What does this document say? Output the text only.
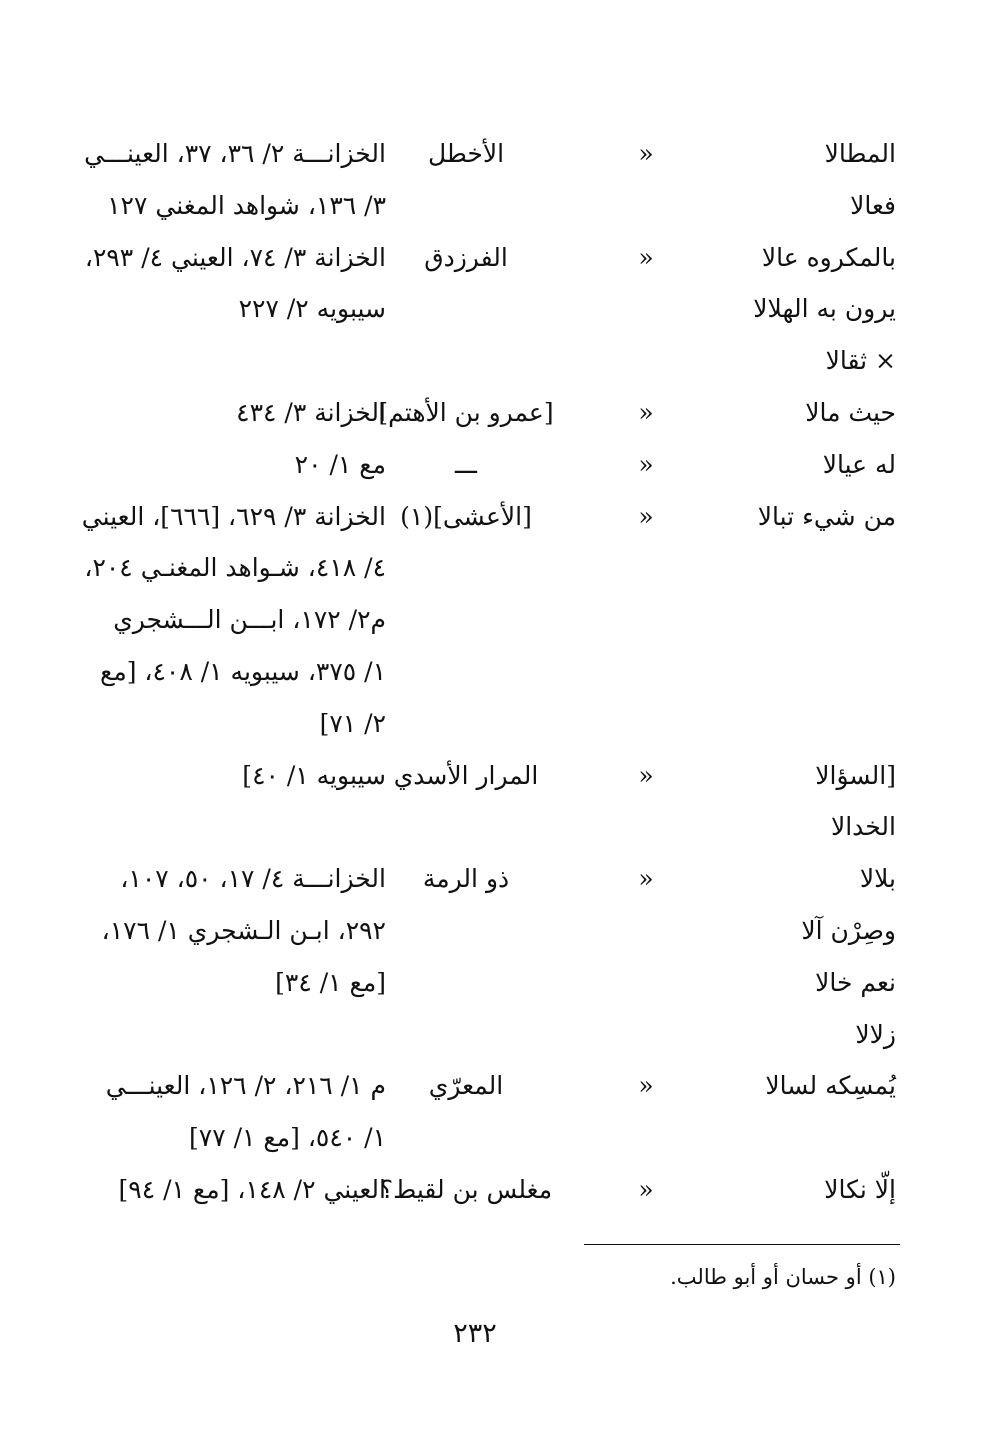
المطالا
«
الأخطل
الخزانـــة ٢/ ٣٦، ٣٧، العينـــي
فعالا
٣/ ١٣٦، شواهد المغني ١٢٧
بالمكروه عالا
«
الفرزدق
الخزانة ٣/ ٧٤، العيني ٤/ ٢٩٣،
يرون به الهلالا
سيبويه ٢/ ٢٢٧
× ثقالا
حيث مالا
«
[عمرو بن الأهتم]
الخزانة ٣/ ٤٣٤
له عيالا
«
ـــ
مع ١/ ٢٠
من شيء تبالا
«
[الأعشى](١)
الخزانة ٣/ ٦٢٩، [٦٦٦]، العيني
٤/ ٤١٨، شـواهد المغنـي ٢٠٤،
م٢/ ١٧٢، ابـــن الـــشجري
١/ ٣٧٥، سيبويه ١/ ٤٠٨، [مع
٢/ ٧١]
[السؤالا
«
المرار الأسدي
سيبويه ١/ ٤٠]
الخدالا
بلالا
«
ذو الرمة
الخزانـــة ٤/ ١٧، ٥٠، ١٠٧،
وصِرْن آلا
٢٩٢، ابـن الـشجري ١/ ١٧٦،
نعم خالا
[مع ١/ ٣٤]
زلالا
يُمسِكه لسالا
«
المعرّي
م ١/ ٢١٦، ٢/ ١٢٦، العينـــي
١/ ٥٤٠، [مع ١/ ٧٧]
إلّا نكالا
«
مغلس بن لقيط؟
العيني ٢/ ١٤٨، [مع ١/ ٩٤]
(١) أو حسان أو أبو طالب.
٢٣٢
